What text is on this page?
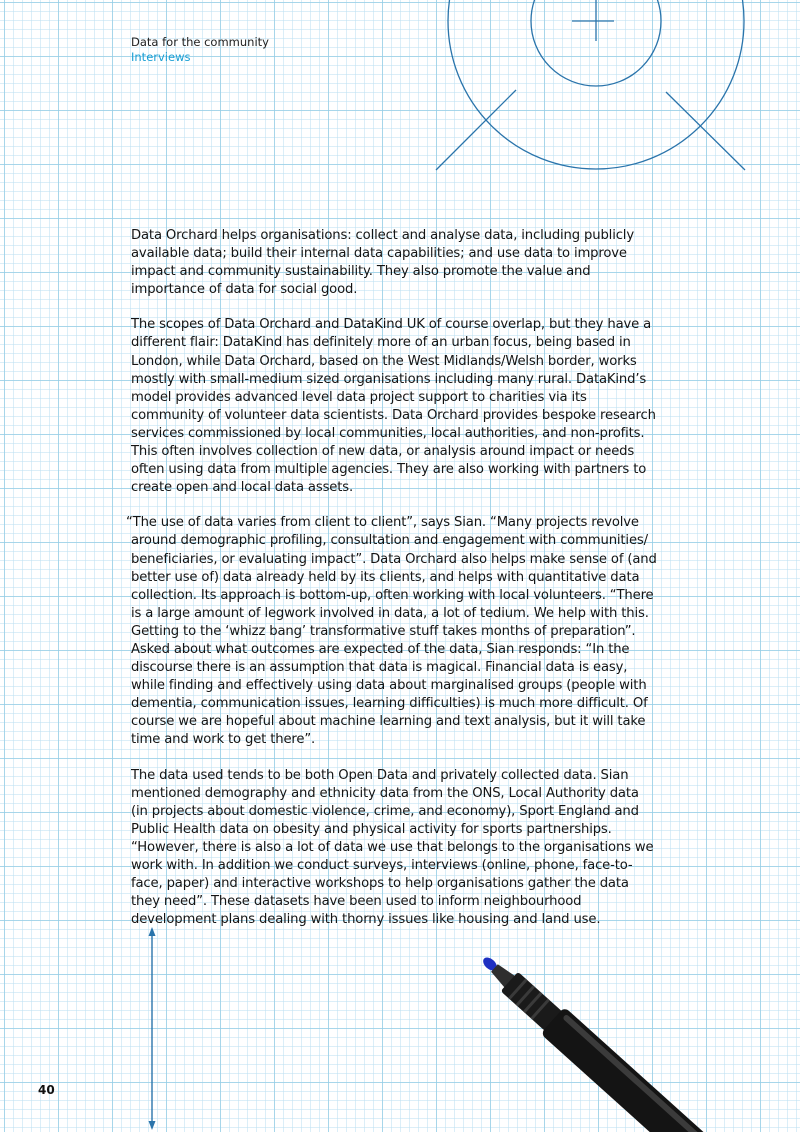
Data for the community
Interviews

Data Orchard helps organisations: collect and analyse data, including publicly available data; build their internal data capabilities; and use data to improve impact and community sustainability. They also promote the value and importance of data for social good.

The scopes of Data Orchard and DataKind UK of course overlap, but they have a different flair: DataKind has definitely more of an urban focus, being based in London, while Data Orchard, based on the West Midlands/Welsh border, works mostly with small-medium sized organisations including many rural. DataKind’s model provides advanced level data project support to charities via its community of volunteer data scientists. Data Orchard provides bespoke research services commissioned by local communities, local authorities, and non-profits. This often involves collection of new data, or analysis around impact or needs often using data from multiple agencies. They are also working with partners to create open and local data assets.

“The use of data varies from client to client”, says Sian. “Many projects revolve around demographic profiling, consultation and engagement with communities/ beneficiaries, or evaluating impact”. Data Orchard also helps make sense of (and better use of) data already held by its clients, and helps with quantitative data collection. Its approach is bottom-up, often working with local volunteers. “There is a large amount of legwork involved in data, a lot of tedium. We help with this. Getting to the ‘whizz bang’ transformative stuff takes months of preparation”. Asked about what outcomes are expected of the data, Sian responds: “In the discourse there is an assumption that data is magical. Financial data is easy, while finding and effectively using data about marginalised groups (people with dementia, communication issues, learning difficulties) is much more difficult. Of course we are hopeful about machine learning and text analysis, but it will take time and work to get there”.

The data used tends to be both Open Data and privately collected data. Sian mentioned demography and ethnicity data from the ONS, Local Authority data (in projects about domestic violence, crime, and economy), Sport England and Public Health data on obesity and physical activity for sports partnerships. “However, there is also a lot of data we use that belongs to the organisations we work with. In addition we conduct surveys, interviews (online, phone, face-to-face, paper) and interactive workshops to help organisations gather the data they need”. These datasets have been used to inform neighbourhood development plans dealing with thorny issues like housing and land use.

40
